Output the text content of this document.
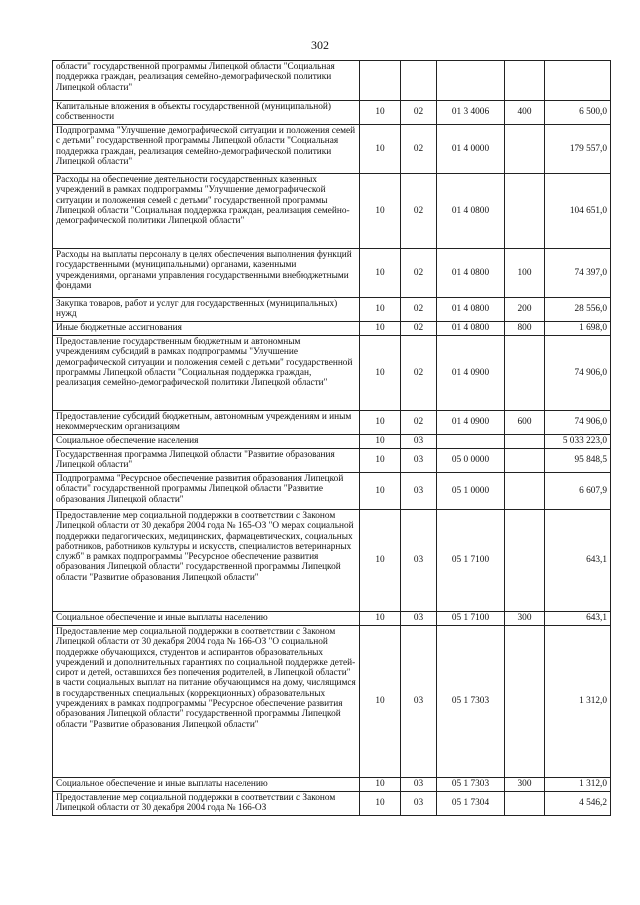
302
области" государственной программы Липецкой области "Социальная поддержка граждан, реализация семейно-демографической политики Липецкой области"					
Капитальные вложения в объекты государственной (муниципальной) собственности	10	02	01 3 4006	400	6 500,0
Подпрограмма "Улучшение демографической ситуации и положения семей с детьми" государственной программы Липецкой области "Социальная поддержка граждан, реализация семейно-демографической политики Липецкой области"	10	02	01 4 0000		179 557,0
Расходы на обеспечение деятельности государственных казенных учреждений в рамках подпрограммы "Улучшение демографической ситуации и положения семей с детьми" государственной программы Липецкой области "Социальная поддержка граждан, реализация семейно-демографической политики Липецкой области"	10	02	01 4 0800		104 651,0
Расходы на выплаты персоналу в целях обеспечения выполнения функций государственными (муниципальными) органами, казенными учреждениями, органами управления государственными внебюджетными фондами	10	02	01 4 0800	100	74 397,0
Закупка товаров, работ и услуг для государственных (муниципальных) нужд	10	02	01 4 0800	200	28 556,0
Иные бюджетные ассигнования	10	02	01 4 0800	800	1 698,0
Предоставление государственным бюджетным и автономным учреждениям субсидий в рамках подпрограммы "Улучшение демографической ситуации и положения семей с детьми" государственной программы Липецкой области "Социальная поддержка граждан, реализация семейно-демографической политики Липецкой области"	10	02	01 4 0900		74 906,0
Предоставление субсидий бюджетным, автономным учреждениям и иным некоммерческим организациям	10	02	01 4 0900	600	74 906,0
Социальное обеспечение населения	10	03			5 033 223,0
Государственная программа Липецкой области "Развитие образования Липецкой области"	10	03	05 0 0000		95 848,5
Подпрограмма "Ресурсное обеспечение развития образования Липецкой области" государственной программы Липецкой области "Развитие образования Липецкой области"	10	03	05 1 0000		6 607,9
Предоставление мер социальной поддержки в соответствии с Законом Липецкой области от 30 декабря 2004 года № 165-ОЗ "О мерах социальной поддержки педагогических, медицинских, фармацевтических, социальных работников, работников культуры и искусств, специалистов ветеринарных служб" в рамках подпрограммы "Ресурсное обеспечение развития образования Липецкой области" государственной программы Липецкой области "Развитие образования Липецкой области"	10	03	05 1 7100		643,1
Социальное обеспечение и иные выплаты населению	10	03	05 1 7100	300	643,1
Предоставление мер социальной поддержки в соответствии с Законом Липецкой области от 30 декабря 2004 года № 166-ОЗ "О социальной поддержке обучающихся, студентов и аспирантов образовательных учреждений и дополнительных гарантиях по социальной поддержке детей-сирот и детей, оставшихся без попечения родителей, в Липецкой области" в части социальных выплат на питание обучающимся на дому, числящимся в государственных специальных (коррекционных) образовательных учреждениях в рамках подпрограммы "Ресурсное обеспечение развития образования Липецкой области" государственной программы Липецкой области "Развитие образования Липецкой области"	10	03	05 1 7303		1 312,0
Социальное обеспечение и иные выплаты населению	10	03	05 1 7303	300	1 312,0
Предоставление мер социальной поддержки в соответствии с Законом Липецкой области от 30 декабря 2004 года № 166-ОЗ	10	03	05 1 7304		4 546,2
